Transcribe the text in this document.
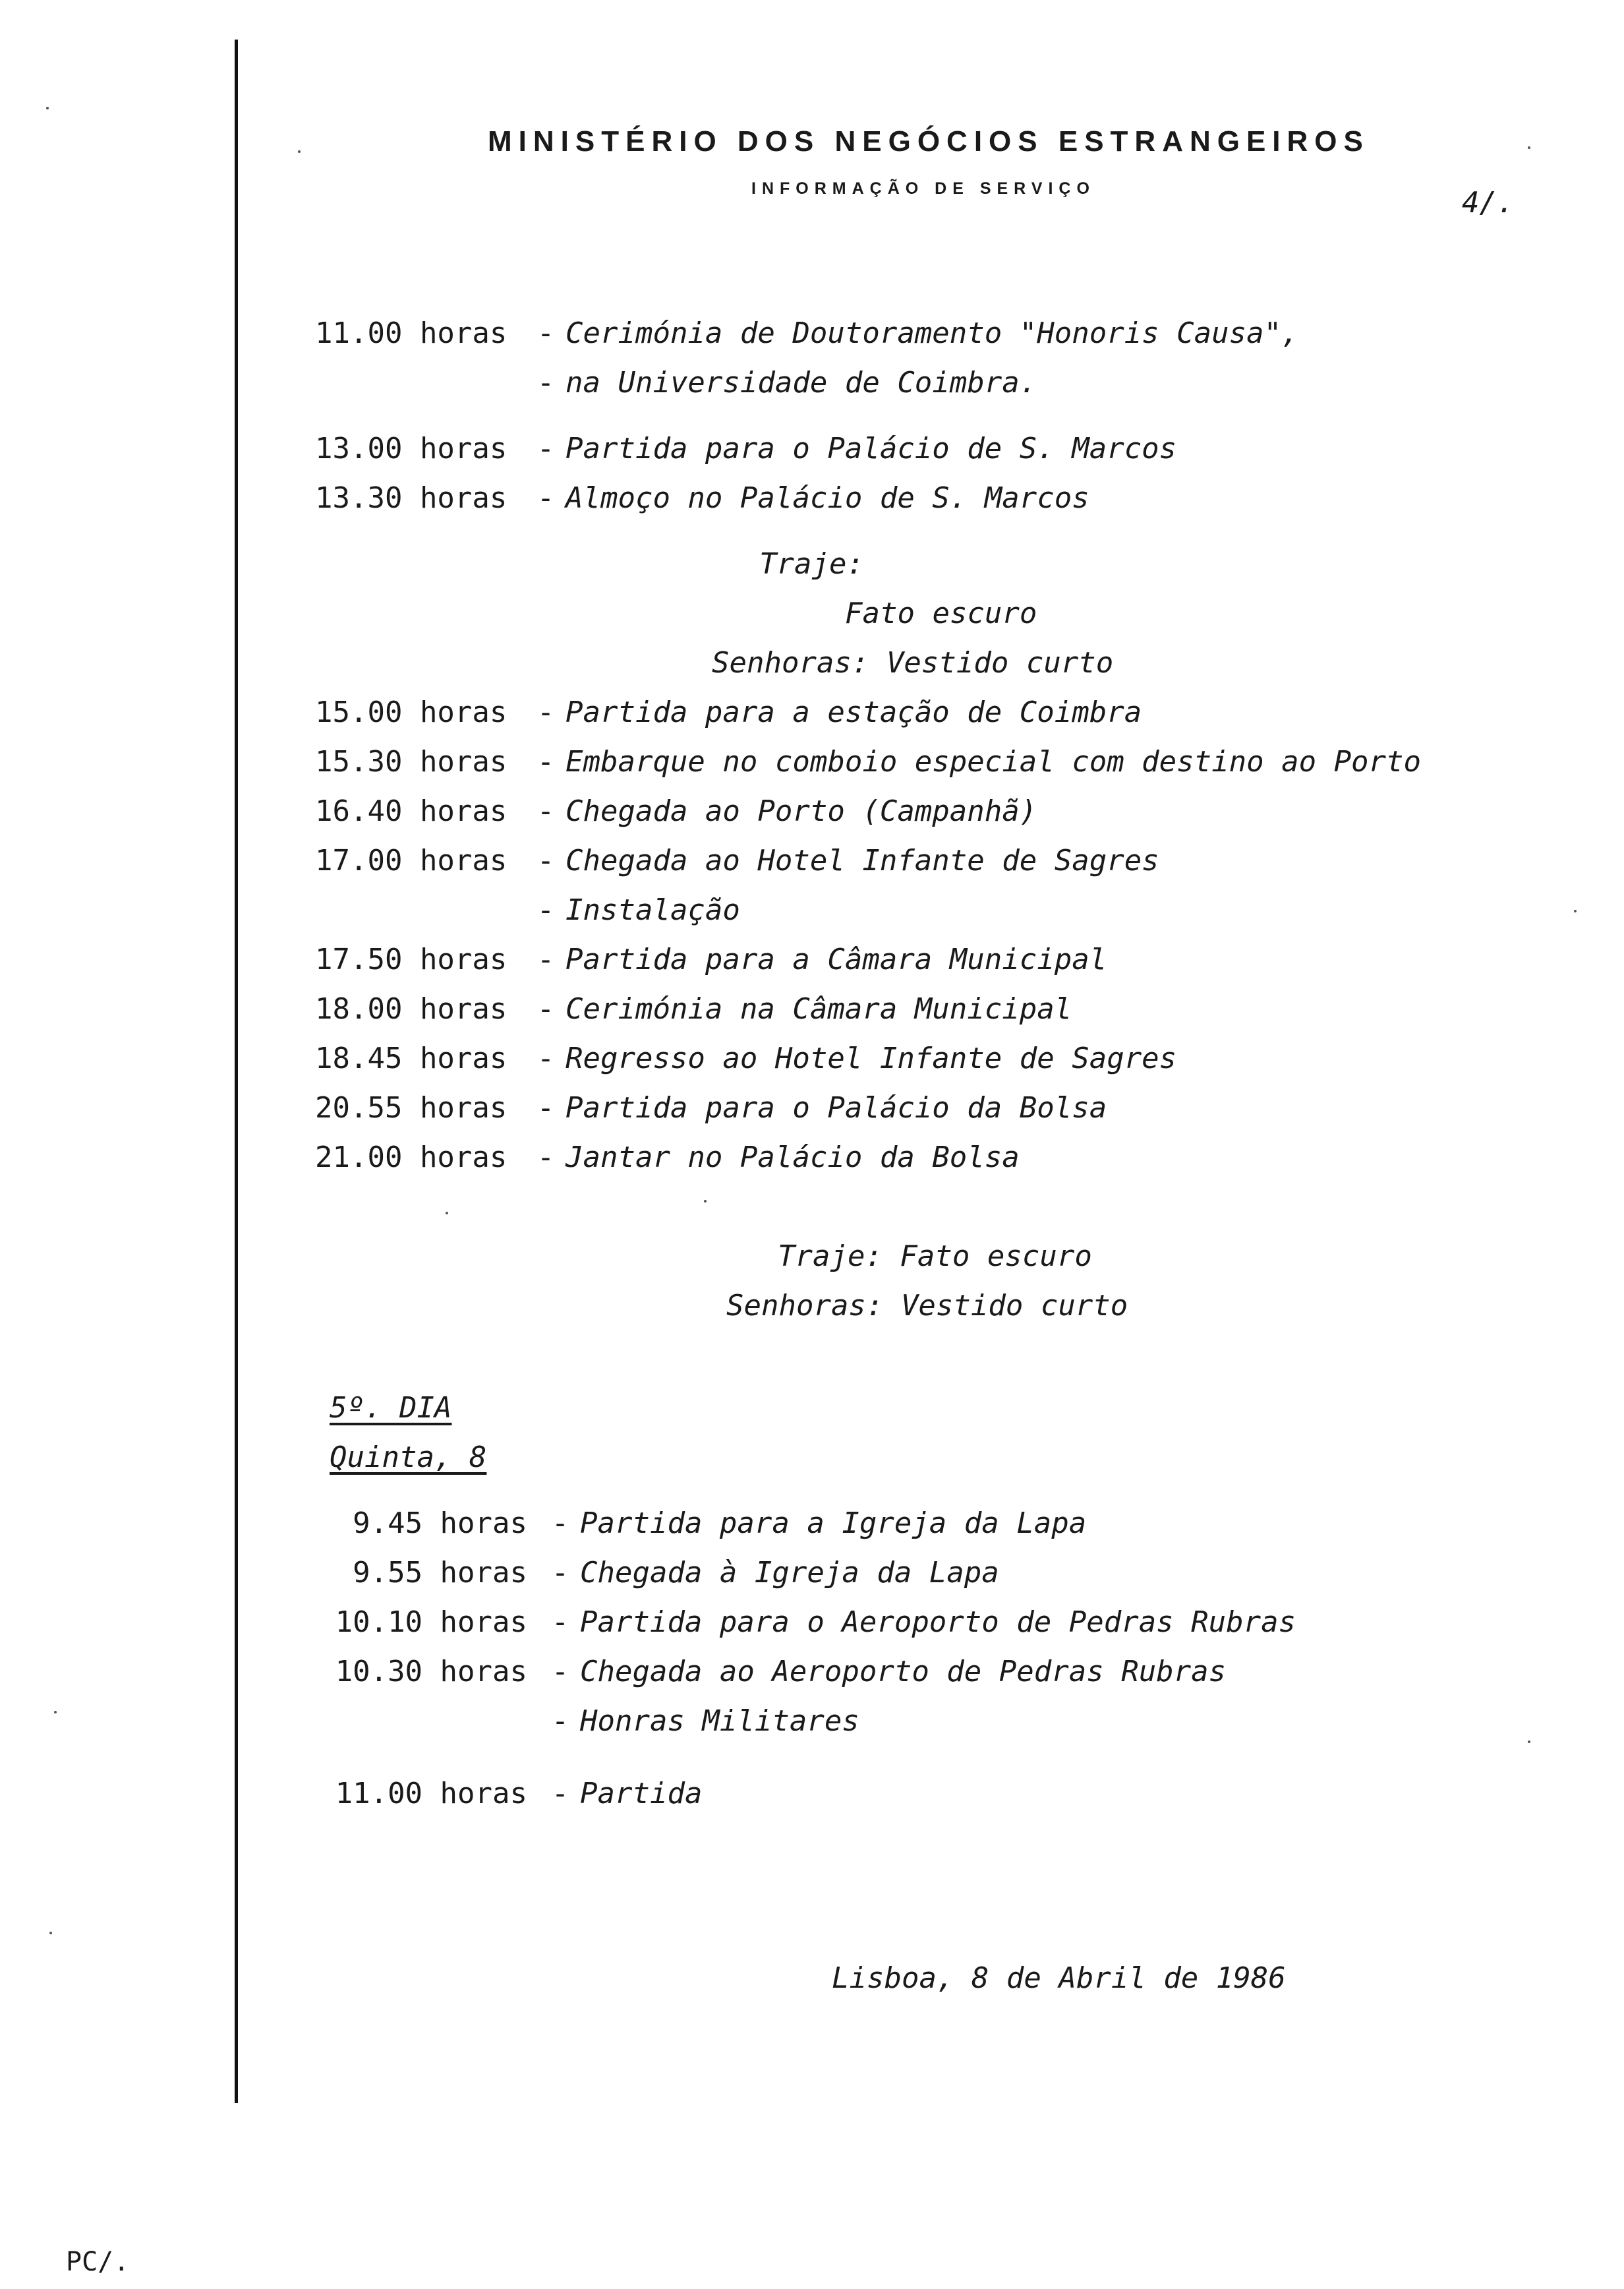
MINISTÉRIO DOS NEGÓCIOS ESTRANGEIROS
INFORMAÇÃO DE SERVIÇO	4/.
11.00 horas	- Cerimónia de Doutoramento "Honoris Causa",
- na Universidade de Coimbra.
13.00 horas	- Partida para o Palácio de S. Marcos
13.30 horas	- Almoço no Palácio de S. Marcos
Traje:
Fato escuro
Senhoras: Vestido curto
15.00 horas	- Partida para a estação de Coimbra
15.30 horas	- Embarque no comboio especial com destino ao Porto
16.40 horas	- Chegada ao Porto (Campanhã)
17.00 horas	- Chegada ao Hotel Infante de Sagres
- Instalação
17.50 horas	- Partida para a Câmara Municipal
18.00 horas	- Cerimónia na Câmara Municipal
18.45 horas	- Regresso ao Hotel Infante de Sagres
20.55 horas	- Partida para o Palácio da Bolsa
21.00 horas	- Jantar no Palácio da Bolsa
Traje: Fato escuro
Senhoras: Vestido curto
5º. DIA
Quinta, 8
9.45 horas - Partida para a Igreja da Lapa
9.55 horas - Chegada à Igreja da Lapa
10.10 horas - Partida para o Aeroporto de Pedras Rubras
10.30 horas - Chegada ao Aeroporto de Pedras Rubras
- Honras Militares
11.00 horas - Partida
Lisboa, 8 de Abril de 1986
PC/.
